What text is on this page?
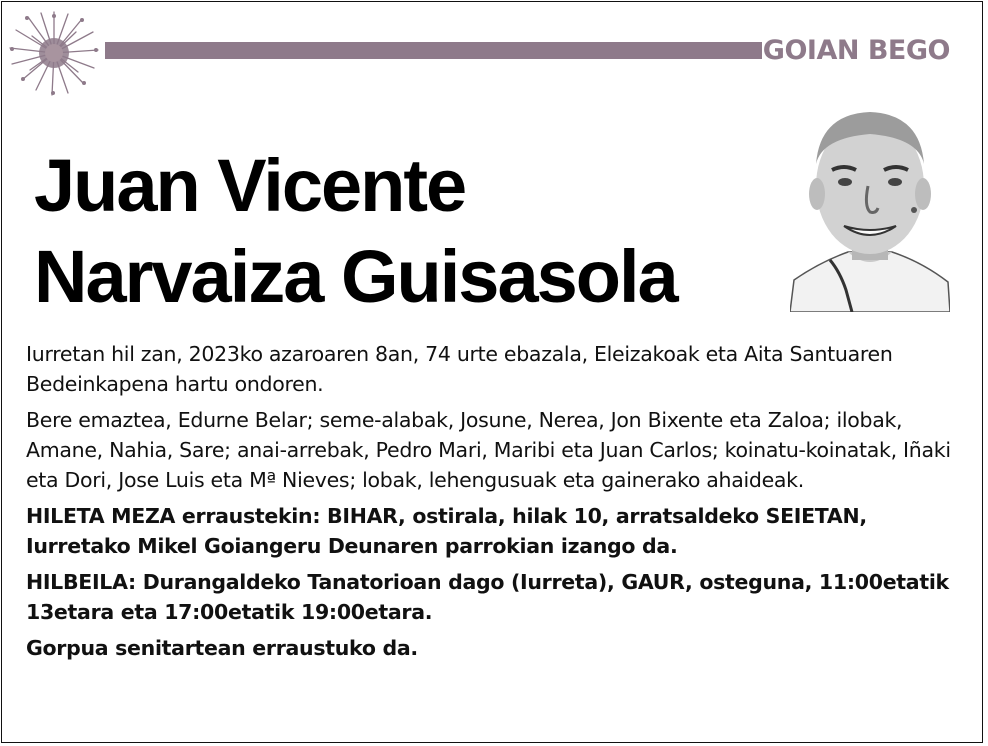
GOIAN BEGO
Juan Vicente
Narvaiza Guisasola

Iurretan hil zan, 2023ko azaroaren 8an, 74 urte ebazala, Eleizakoak eta Aita Santuaren Bedeinkapena hartu ondoren.

Bere emaztea, Edurne Belar; seme-alabak, Josune, Nerea, Jon Bixente eta Zaloa; ilobak, Amane, Nahia, Sare; anai-arrebak, Pedro Mari, Maribi eta Juan Carlos; koinatu-koinatak, Iñaki eta Dori, Jose Luis eta Mª Nieves; lobak, lehengusuak eta gainerako ahaideak.

HILETA MEZA erraustekin: BIHAR, ostirala, hilak 10, arratsaldeko SEIETAN, Iurretako Mikel Goiangeru Deunaren parrokian izango da.

HILBEILA: Durangaldeko Tanatorioan dago (Iurreta), GAUR, osteguna, 11:00etatik 13etara eta 17:00etatik 19:00etara.

Gorpua senitartean erraustuko da.
